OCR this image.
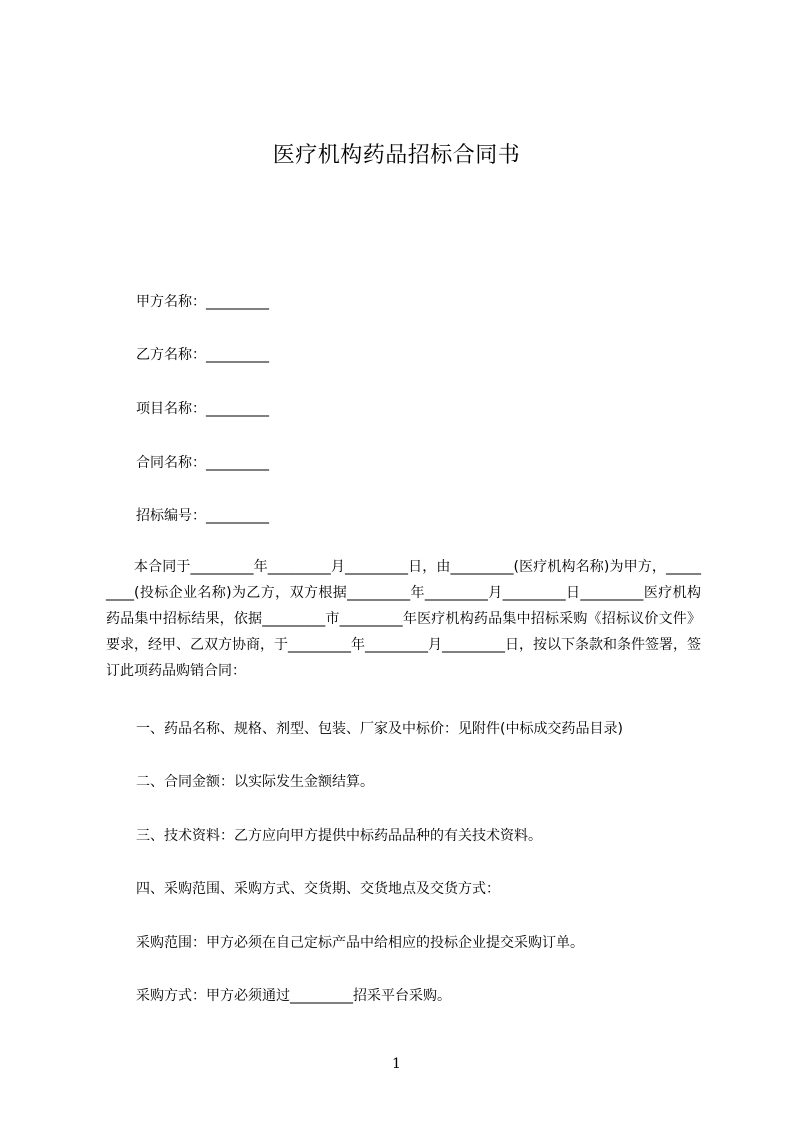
医疗机构药品招标合同书
甲方名称：_________
乙方名称：_________
项目名称：_________
合同名称：_________
招标编号：_________

本合同于_________年_________月_________日，由_________(医疗机构名称)为甲方，_________(投标企业名称)为乙方，双方根据_________年_________月_________日_________医疗机构药品集中招标结果，依据_________市_________年医疗机构药品集中招标采购《招标议价文件》要求，经甲、乙双方协商，于_________年_________月_________日，按以下条款和条件签署，签订此项药品购销合同：

一、药品名称、规格、剂型、包装、厂家及中标价：见附件(中标成交药品目录)

二、合同金额：以实际发生金额结算。

三、技术资料：乙方应向甲方提供中标药品品种的有关技术资料。

四、采购范围、采购方式、交货期、交货地点及交货方式：

采购范围：甲方必须在自己定标产品中给相应的投标企业提交采购订单。

采购方式：甲方必须通过_________招采平台采购。

1
